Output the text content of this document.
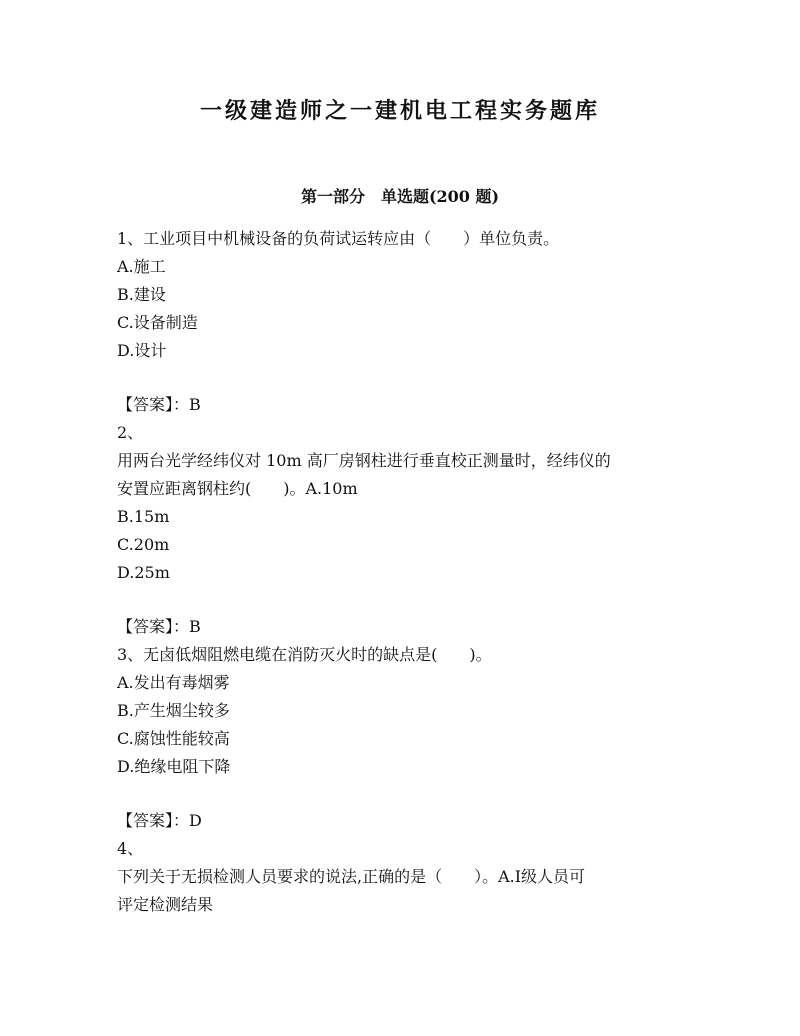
一级建造师之一建机电工程实务题库
第一部分　单选题(200 题)
1、工业项目中机械设备的负荷试运转应由（　　）单位负责。
A.施工
B.建设
C.设备制造
D.设计
【答案】：B
2、
用两台光学经纬仪对 10m 高厂房钢柱进行垂直校正测量时，经纬仪的
安置应距离钢柱约(　　)。A.10m
B.15m
C.20m
D.25m
【答案】：B
3、无卤低烟阻燃电缆在消防灭火时的缺点是(　　)。
A.发出有毒烟雾
B.产生烟尘较多
C.腐蚀性能较高
D.绝缘电阻下降
【答案】：D
4、
下列关于无损检测人员要求的说法,正确的是（　　）。A.Ⅰ级人员可
评定检测结果
